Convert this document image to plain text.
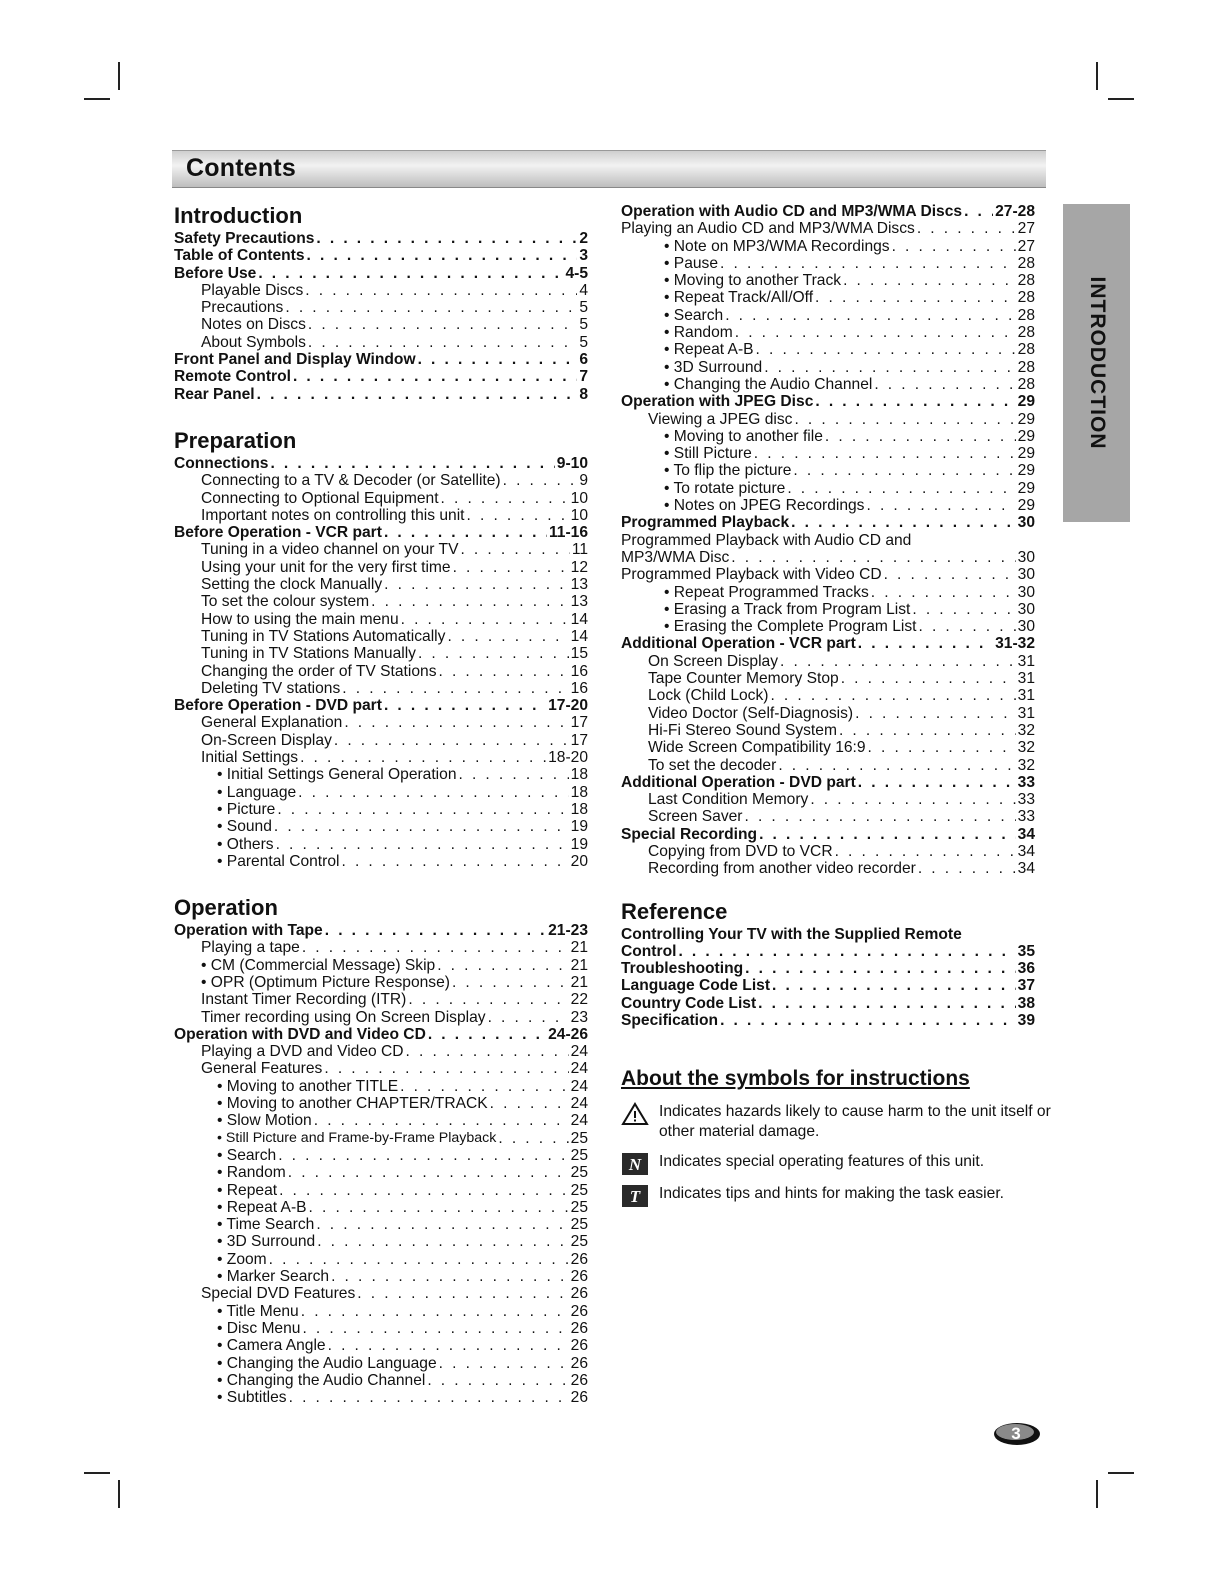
Contents
INTRODUCTION
Introduction
Safety Precautions . . .	2
Table of Contents . . .	3
Before Use . . .	4-5
Playable Discs . . .	4
Precautions . . .	5
Notes on Discs . . .	5
About Symbols . . .	5
Front Panel and Display Window . . .	6
Remote Control . . .	7
Rear Panel . . .	8
Preparation
Connections . . .	9-10
Connecting to a TV & Decoder (or Satellite) . . .	9
Connecting to Optional Equipment . . .	10
Important notes on controlling this unit . . .	10
Before Operation - VCR part . . .	11-16
Tuning in a video channel on your TV . . .	11
Using your unit for the very first time . . .	12
Setting the clock Manually . . .	13
To set the colour system . . .	13
How to using the main menu . . .	14
Tuning in TV Stations Automatically . . .	14
Tuning in TV Stations Manually . . .	15
Changing the order of TV Stations . . .	16
Deleting TV stations . . .	16
Before Operation - DVD part . . .	17-20
General Explanation . . .	17
On-Screen Display . . .	17
Initial Settings . . .	18-20
• Initial Settings General Operation . . .	18
• Language . . .	18
• Picture . . .	18
• Sound . . .	19
• Others . . .	19
• Parental Control . . .	20
Operation
Operation with Tape . . .	21-23
Playing a tape . . .	21
• CM (Commercial Message) Skip . . .	21
• OPR (Optimum Picture Response) . . .	21
Instant Timer Recording (ITR) . . .	22
Timer recording using On Screen Display . . .	23
Operation with DVD and Video CD . . .	24-26
Playing a DVD and Video CD . . .	24
General Features . . .	24
• Moving to another TITLE . . .	24
• Moving to another CHAPTER/TRACK . . .	24
• Slow Motion . . .	24
• Still Picture and Frame-by-Frame Playback . . .	25
• Search . . .	25
• Random . . .	25
• Repeat . . .	25
• Repeat A-B . . .	25
• Time Search . . .	25
• 3D Surround . . .	25
• Zoom . . .	26
• Marker Search . . .	26
Special DVD Features . . .	26
• Title Menu . . .	26
• Disc Menu . . .	26
• Camera Angle . . .	26
• Changing the Audio Language . . .	26
• Changing the Audio Channel . . .	26
• Subtitles . . .	26
Operation with Audio CD and MP3/WMA Discs . . . 27-28
Playing an Audio CD and MP3/WMA Discs . . .	27
• Note on MP3/WMA Recordings . . .	27
• Pause . . .	28
• Moving to another Track . . .	28
• Repeat Track/All/Off . . .	28
• Search . . .	28
• Random . . .	28
• Repeat A-B . . .	28
• 3D Surround . . .	28
• Changing the Audio Channel . . .	28
Operation with JPEG Disc . . .	29
Viewing a JPEG disc . . .	29
• Moving to another file . . .	29
• Still Picture . . .	29
• To flip the picture . . .	29
• To rotate picture . . .	29
• Notes on JPEG Recordings . . .	29
Programmed Playback . . .	30
Programmed Playback with Audio CD and
MP3/WMA Disc . . .	30
Programmed Playback with Video CD . . .	30
• Repeat Programmed Tracks . . .	30
• Erasing a Track from Program List . . .	30
• Erasing the Complete Program List . . .	30
Additional Operation - VCR part . . .	31-32
On Screen Display . . .	31
Tape Counter Memory Stop . . .	31
Lock (Child Lock) . . .	31
Video Doctor (Self-Diagnosis) . . .	31
Hi-Fi Stereo Sound System . . .	32
Wide Screen Compatibility 16:9 . . .	32
To set the decoder . . .	32
Additional Operation - DVD part . . .	33
Last Condition Memory . . .	33
Screen Saver . . .	33
Special Recording . . .	34
Copying from DVD to VCR . . .	34
Recording from another video recorder . . .	34
Reference
Controlling Your TV with the Supplied Remote
Control . . .	35
Troubleshooting . . .	36
Language Code List . . .	37
Country Code List . . .	38
Specification . . .	39
About the symbols for instructions
Indicates hazards likely to cause harm to the unit itself or other material damage.
N Indicates special operating features of this unit.
T Indicates tips and hints for making the task easier.
3
